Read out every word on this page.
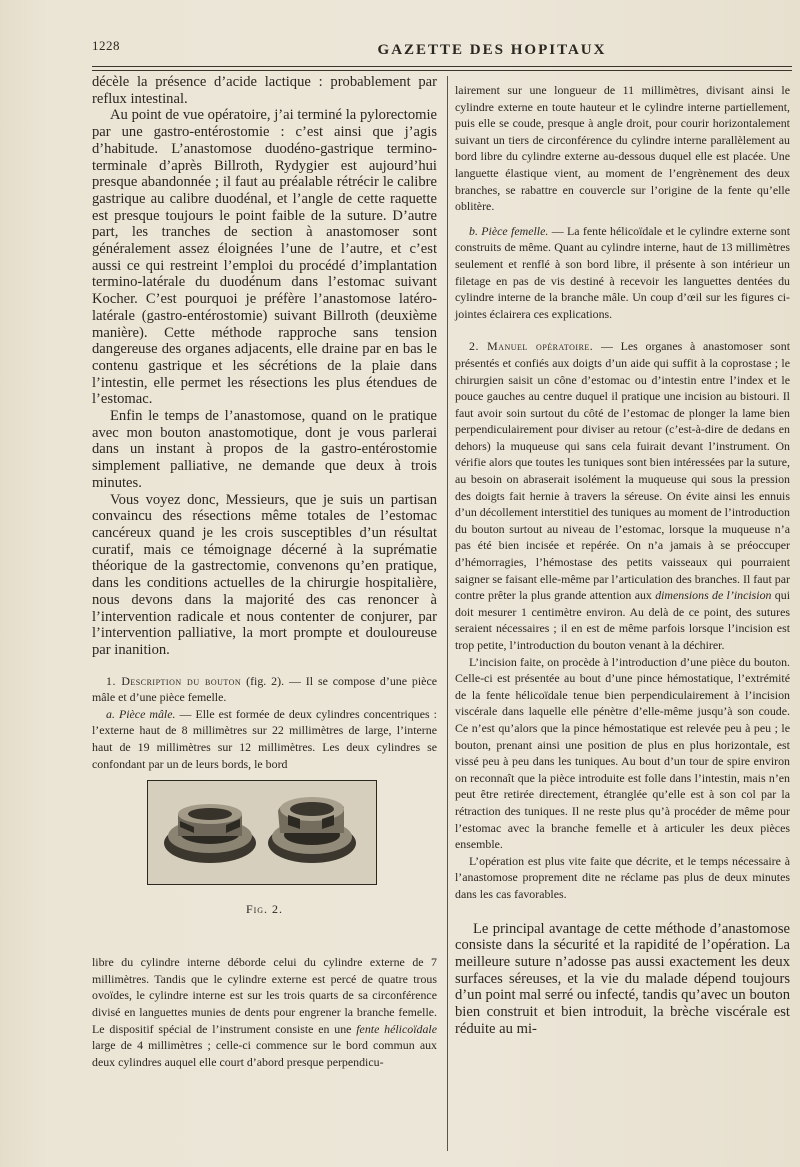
1228	GAZETTE DES HOPITAUX

décèle la présence d’acide lactique : probablement par reflux intestinal.

Au point de vue opératoire, j’ai terminé la pylorectomie par une gastro-entérostomie : c’est ainsi que j’agis d’habitude. L’anastomose duodéno-gastrique termino-terminale d’après Billroth, Rydygier est aujourd’hui presque abandonnée ; il faut au préalable rétrécir le calibre gastrique au calibre duodénal, et l’angle de cette raquette est presque toujours le point faible de la suture. D’autre part, les tranches de section à anastomoser sont généralement assez éloignées l’une de l’autre, et c’est aussi ce qui restreint l’emploi du procédé d’implantation termino-latérale du duodénum dans l’estomac suivant Kocher. C’est pourquoi je préfère l’anastomose latéro-latérale (gastro-entérostomie) suivant Billroth (deuxième manière). Cette méthode rapproche sans tension dangereuse des organes adjacents, elle draine par en bas le contenu gastrique et les sécrétions de la plaie dans l’intestin, elle permet les résections les plus étendues de l’estomac.

Enfin le temps de l’anastomose, quand on le pratique avec mon bouton anastomotique, dont je vous parlerai dans un instant à propos de la gastro-entérostomie simplement palliative, ne demande que deux à trois minutes.

Vous voyez donc, Messieurs, que je suis un partisan convaincu des résections même totales de l’estomac cancéreux quand je les crois susceptibles d’un résultat curatif, mais ce témoignage décerné à la suprématie théorique de la gastrectomie, convenons qu’en pratique, dans les conditions actuelles de la chirurgie hospitalière, nous devons dans la majorité des cas renoncer à l’intervention radicale et nous contenter de conjurer, par l’intervention palliative, la mort prompte et douloureuse par inanition.

1. Description du bouton (fig. 2). — Il se compose d’une pièce mâle et d’une pièce femelle.

a. Pièce mâle. — Elle est formée de deux cylindres concentriques : l’externe haut de 8 millimètres sur 22 millimètres de large, l’interne haut de 19 millimètres sur 12 millimètres. Les deux cylindres se confondant par un de leurs bords, le bord

Fig. 2.

libre du cylindre interne déborde celui du cylindre externe de 7 millimètres. Tandis que le cylindre externe est percé de quatre trous ovoïdes, le cylindre interne est sur les trois quarts de sa circonférence divisé en languettes munies de dents pour engrener la branche femelle. Le dispositif spécial de l’instrument consiste en une fente hélicoïdale large de 4 millimètres ; celle-ci commence sur le bord commun aux deux cylindres auquel elle court d’abord presque perpendicu-

lairement sur une longueur de 11 millimètres, divisant ainsi le cylindre externe en toute hauteur et le cylindre interne partiellement, puis elle se coude, presque à angle droit, pour courir horizontalement suivant un tiers de circonférence du cylindre interne parallèlement au bord libre du cylindre externe au-dessous duquel elle est placée. Une languette élastique vient, au moment de l’engrènement des deux branches, se rabattre en couvercle sur l’origine de la fente qu’elle oblitère.

b. Pièce femelle. — La fente hélicoïdale et le cylindre externe sont construits de même. Quant au cylindre interne, haut de 13 millimètres seulement et renflé à son bord libre, il présente à son intérieur un filetage en pas de vis destiné à recevoir les languettes dentées du cylindre interne de la branche mâle. Un coup d’œil sur les figures ci-jointes éclairera ces explications.

2. Manuel opératoire. — Les organes à anastomoser sont présentés et confiés aux doigts d’un aide qui suffit à la coprostase ; le chirurgien saisit un cône d’estomac ou d’intestin entre l’index et le pouce gauches au centre duquel il pratique une incision au bistouri. Il faut avoir soin surtout du côté de l’estomac de plonger la lame bien perpendiculairement pour diviser au retour (c’est-à-dire de dedans en dehors) la muqueuse qui sans cela fuirait devant l’instrument. On vérifie alors que toutes les tuniques sont bien intéressées par la suture, au besoin on abraserait isolément la muqueuse qui sous la pression des doigts fait hernie à travers la séreuse. On évite ainsi les ennuis d’un décollement interstitiel des tuniques au moment de l’introduction du bouton surtout au niveau de l’estomac, lorsque la muqueuse n’a pas été bien incisée et repérée. On n’a jamais à se préoccuper d’hémorragies, l’hémostase des petits vaisseaux qui pourraient saigner se faisant elle-même par l’articulation des branches. Il faut par contre prêter la plus grande attention aux dimensions de l’incision qui doit mesurer 1 centimètre environ. Au delà de ce point, des sutures seraient nécessaires ; il en est de même parfois lorsque l’incision est trop petite, l’introduction du bouton venant à la déchirer.

L’incision faite, on procède à l’introduction d’une pièce du bouton. Celle-ci est présentée au bout d’une pince hémostatique, l’extrémité de la fente hélicoïdale tenue bien perpendiculairement à l’incision viscérale dans laquelle elle pénètre d’elle-même jusqu’à son coude. Ce n’est qu’alors que la pince hémostatique est relevée peu à peu ; le bouton, prenant ainsi une position de plus en plus horizontale, est vissé peu à peu dans les tuniques. Au bout d’un tour de spire environ on reconnaît que la pièce introduite est folle dans l’intestin, mais n’en peut être retirée directement, étranglée qu’elle est à son col par la rétraction des tuniques. Il ne reste plus qu’à procéder de même pour l’estomac avec la branche femelle et à articuler les deux pièces ensemble.

L’opération est plus vite faite que décrite, et le temps nécessaire à l’anastomose proprement dite ne réclame pas plus de deux minutes dans les cas favorables.

Le principal avantage de cette méthode d’anastomose consiste dans la sécurité et la rapidité de l’opération. La meilleure suture n’adosse pas aussi exactement les deux surfaces séreuses, et la vie du malade dépend toujours d’un point mal serré ou infecté, tandis qu’avec un bouton bien construit et bien introduit, la brèche viscérale est réduite au mi-
